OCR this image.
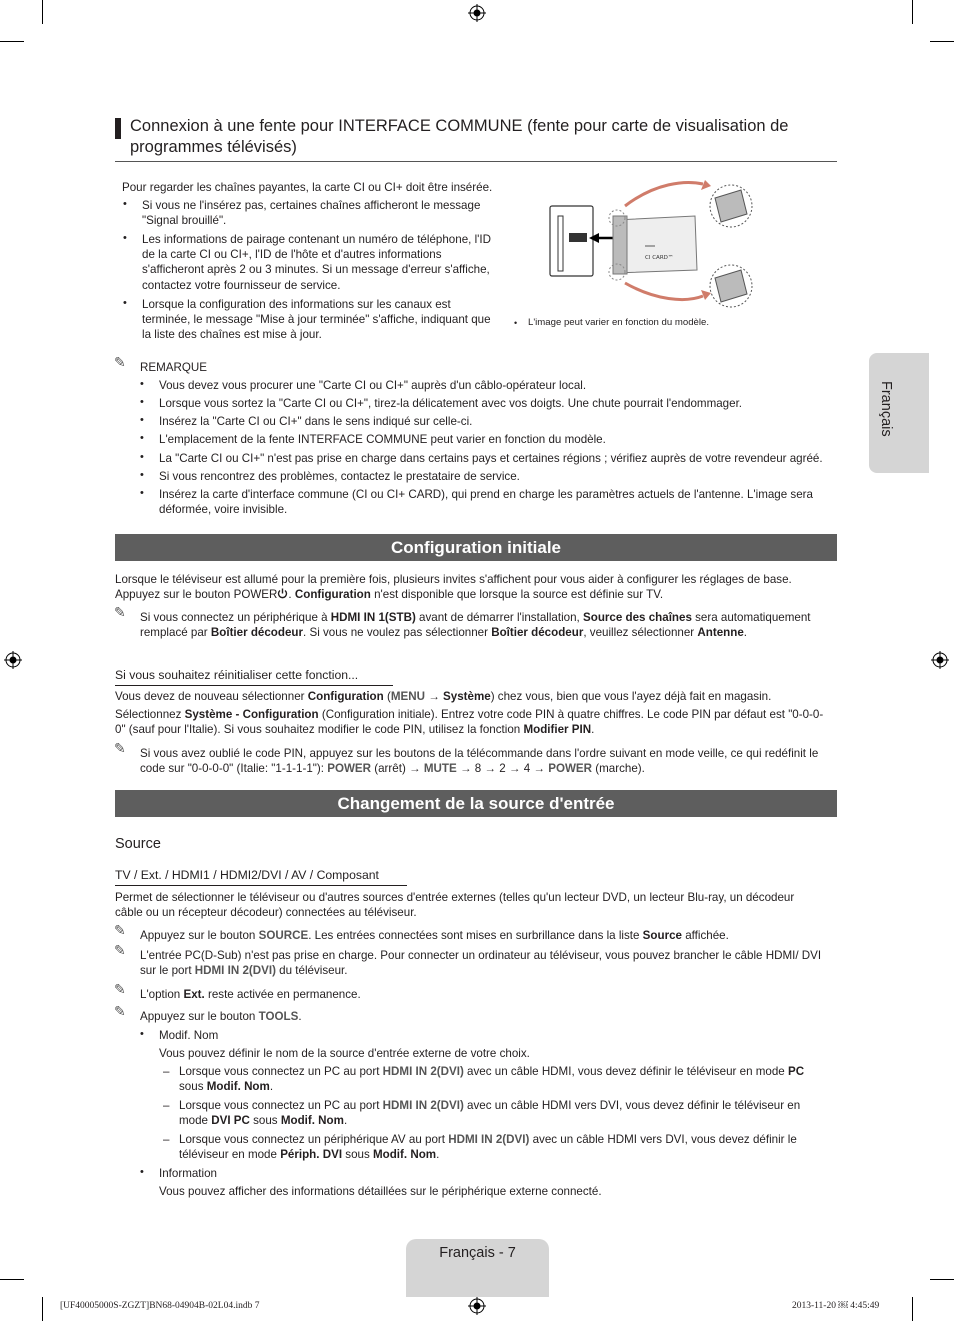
Connexion à une fente pour INTERFACE COMMUNE (fente pour carte de visualisation de programmes télévisés)
Pour regarder les chaînes payantes, la carte CI ou CI+ doit être insérée.
• Si vous ne l'insérez pas, certaines chaînes afficheront le message "Signal brouillé".
• Les informations de pairage contenant un numéro de téléphone, l'ID de la carte CI ou CI+, l'ID de l'hôte et d'autres informations s'afficheront après 2 ou 3 minutes. Si un message d'erreur s'affiche, contactez votre fournisseur de service.
• Lorsque la configuration des informations sur les canaux est terminée, le message "Mise à jour terminée" s'affiche, indiquant que la liste des chaînes est mise à jour.
CI CARD™
• L'image peut varier en fonction du modèle.
✎ REMARQUE
• Vous devez vous procurer une "Carte CI ou CI+" auprès d'un câblo-opérateur local.
• Lorsque vous sortez la "Carte CI ou CI+", tirez-la délicatement avec vos doigts. Une chute pourrait l'endommager.
• Insérez la "Carte CI ou CI+" dans le sens indiqué sur celle-ci.
• L'emplacement de la fente INTERFACE COMMUNE peut varier en fonction du modèle.
• La "Carte CI ou CI+" n'est pas prise en charge dans certains pays et certaines régions ; vérifiez auprès de votre revendeur agréé.
• Si vous rencontrez des problèmes, contactez le prestataire de service.
• Insérez la carte d'interface commune (CI ou CI+ CARD), qui prend en charge les paramètres actuels de l'antenne. L'image sera déformée, voire invisible.
Configuration initiale
Lorsque le téléviseur est allumé pour la première fois, plusieurs invites s'affichent pour vous aider à configurer les réglages de base. Appuyez sur le bouton POWER . Configuration n'est disponible que lorsque la source est définie sur TV.
✎ Si vous connectez un périphérique à HDMI IN 1(STB) avant de démarrer l'installation, Source des chaînes sera automatiquement remplacé par Boîtier décodeur. Si vous ne voulez pas sélectionner Boîtier décodeur, veuillez sélectionner Antenne.
Si vous souhaitez réinitialiser cette fonction...
Vous devez de nouveau sélectionner Configuration (MENU → Système) chez vous, bien que vous l'ayez déjà fait en magasin.
Sélectionnez Système - Configuration (Configuration initiale). Entrez votre code PIN à quatre chiffres. Le code PIN par défaut est "0-0-0-0" (sauf pour l'Italie). Si vous souhaitez modifier le code PIN, utilisez la fonction Modifier PIN.
✎ Si vous avez oublié le code PIN, appuyez sur les boutons de la télécommande dans l'ordre suivant en mode veille, ce qui redéfinit le code sur "0-0-0-0" (Italie: "1-1-1-1"): POWER (arrêt) → MUTE → 8 → 2 → 4 → POWER (marche).
Changement de la source d'entrée
Source
TV / Ext. / HDMI1 / HDMI2/DVI / AV / Composant
Permet de sélectionner le téléviseur ou d'autres sources d'entrée externes (telles qu'un lecteur DVD, un lecteur Blu-ray, un décodeur câble ou un récepteur décodeur) connectées au téléviseur.
✎ Appuyez sur le bouton SOURCE. Les entrées connectées sont mises en surbrillance dans la liste Source affichée.
✎ L'entrée PC(D-Sub) n'est pas prise en charge. Pour connecter un ordinateur au téléviseur, vous pouvez brancher le câble HDMI/ DVI sur le port HDMI IN 2(DVI) du téléviseur.
✎ L'option Ext. reste activée en permanence.
✎ Appuyez sur le bouton TOOLS.
• Modif. Nom
Vous pouvez définir le nom de la source d'entrée externe de votre choix.
– Lorsque vous connectez un PC au port HDMI IN 2(DVI) avec un câble HDMI, vous devez définir le téléviseur en mode PC sous Modif. Nom.
– Lorsque vous connectez un PC au port HDMI IN 2(DVI) avec un câble HDMI vers DVI, vous devez définir le téléviseur en mode DVI PC sous Modif. Nom.
– Lorsque vous connectez un périphérique AV au port HDMI IN 2(DVI) avec un câble HDMI vers DVI, vous devez définir le téléviseur en mode Périph. DVI sous Modif. Nom.
• Information
Vous pouvez afficher des informations détaillées sur le périphérique externe connecté.
Français
Français - 7
[UF40005000S-ZGZT]BN68-04904B-02L04.indb 7	2013-11-20 ￼ 4:45:49
